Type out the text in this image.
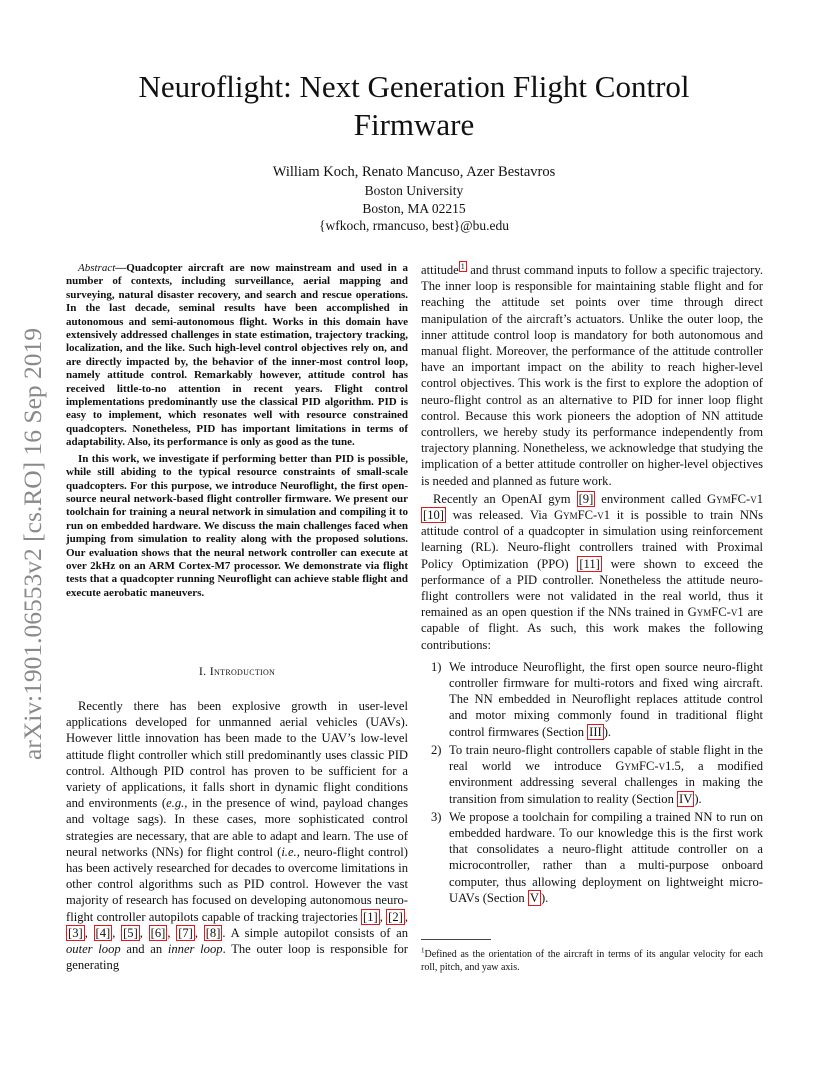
arXiv:1901.06553v2 [cs.RO] 16 Sep 2019
Neuroflight: Next Generation Flight Control Firmware
William Koch, Renato Mancuso, Azer Bestavros
Boston University
Boston, MA 02215
{wfkoch, rmancuso, best}@bu.edu

Abstract—Quadcopter aircraft are now mainstream and used in a number of contexts, including surveillance, aerial mapping and surveying, natural disaster recovery, and search and rescue operations. In the last decade, seminal results have been accomplished in autonomous and semi-autonomous flight. Works in this domain have extensively addressed challenges in state estimation, trajectory tracking, localization, and the like. Such high-level control objectives rely on, and are directly impacted by, the behavior of the inner-most control loop, namely attitude control. Remarkably however, attitude control has received little-to-no attention in recent years. Flight control implementations predominantly use the classical PID algorithm. PID is easy to implement, which resonates well with resource constrained quadcopters. Nonetheless, PID has important limitations in terms of adaptability. Also, its performance is only as good as the tune.

In this work, we investigate if performing better than PID is possible, while still abiding to the typical resource constraints of small-scale quadcopters. For this purpose, we introduce Neuroflight, the first open-source neural network-based flight controller firmware. We present our toolchain for training a neural network in simulation and compiling it to run on embedded hardware. We discuss the main challenges faced when jumping from simulation to reality along with the proposed solutions. Our evaluation shows that the neural network controller can execute at over 2kHz on an ARM Cortex-M7 processor. We demonstrate via flight tests that a quadcopter running Neuroflight can achieve stable flight and execute aerobatic maneuvers.

I. Introduction

Recently there has been explosive growth in user-level applications developed for unmanned aerial vehicles (UAVs). However little innovation has been made to the UAV’s low-level attitude flight controller which still predominantly uses classic PID control. Although PID control has proven to be sufficient for a variety of applications, it falls short in dynamic flight conditions and environments (e.g., in the presence of wind, payload changes and voltage sags). In these cases, more sophisticated control strategies are necessary, that are able to adapt and learn. The use of neural networks (NNs) for flight control (i.e., neuro-flight control) has been actively researched for decades to overcome limitations in other control algorithms such as PID control. However the vast majority of research has focused on developing autonomous neuro-flight controller autopilots capable of tracking trajectories [1] , [2] , [3] , [4] , [5] , [6] , [7] , [8] . A simple autopilot consists of an outer loop and an inner loop. The outer loop is responsible for generating

attitude $^1$ and thrust command inputs to follow a specific trajectory. The inner loop is responsible for maintaining stable flight and for reaching the attitude set points over time through direct manipulation of the aircraft’s actuators. Unlike the outer loop, the inner attitude control loop is mandatory for both autonomous and manual flight. Moreover, the performance of the attitude controller have an important impact on the ability to reach higher-level control objectives. This work is the first to explore the adoption of neuro-flight control as an alternative to PID for inner loop flight control. Because this work pioneers the adoption of NN attitude controllers, we hereby study its performance independently from trajectory planning. Nonetheless, we acknowledge that studying the implication of a better attitude controller on higher-level objectives is needed and planned as future work.

Recently an OpenAI gym [9] environment called GymFC-v1 [10] was released. Via GymFC-v1 it is possible to train NNs attitude control of a quadcopter in simulation using reinforcement learning (RL). Neuro-flight controllers trained with Proximal Policy Optimization (PPO) [11] were shown to exceed the performance of a PID controller. Nonetheless the attitude neuro-flight controllers were not validated in the real world, thus it remained as an open question if the NNs trained in GymFC-v1 are capable of flight. As such, this work makes the following contributions:

1) We introduce Neuroflight, the first open source neuro-flight controller firmware for multi-rotors and fixed wing aircraft. The NN embedded in Neuroflight replaces attitude control and motor mixing commonly found in traditional flight control firmwares (Section III ).
2) To train neuro-flight controllers capable of stable flight in the real world we introduce GymFC-v1.5, a modified environment addressing several challenges in making the transition from simulation to reality (Section IV ).
3) We propose a toolchain for compiling a trained NN to run on embedded hardware. To our knowledge this is the first work that consolidates a neuro-flight attitude controller on a microcontroller, rather than a multi-purpose onboard computer, thus allowing deployment on lightweight micro-UAVs (Section V ).
$^1$Defined as the orientation of the aircraft in terms of its angular velocity for each roll, pitch, and yaw axis.
